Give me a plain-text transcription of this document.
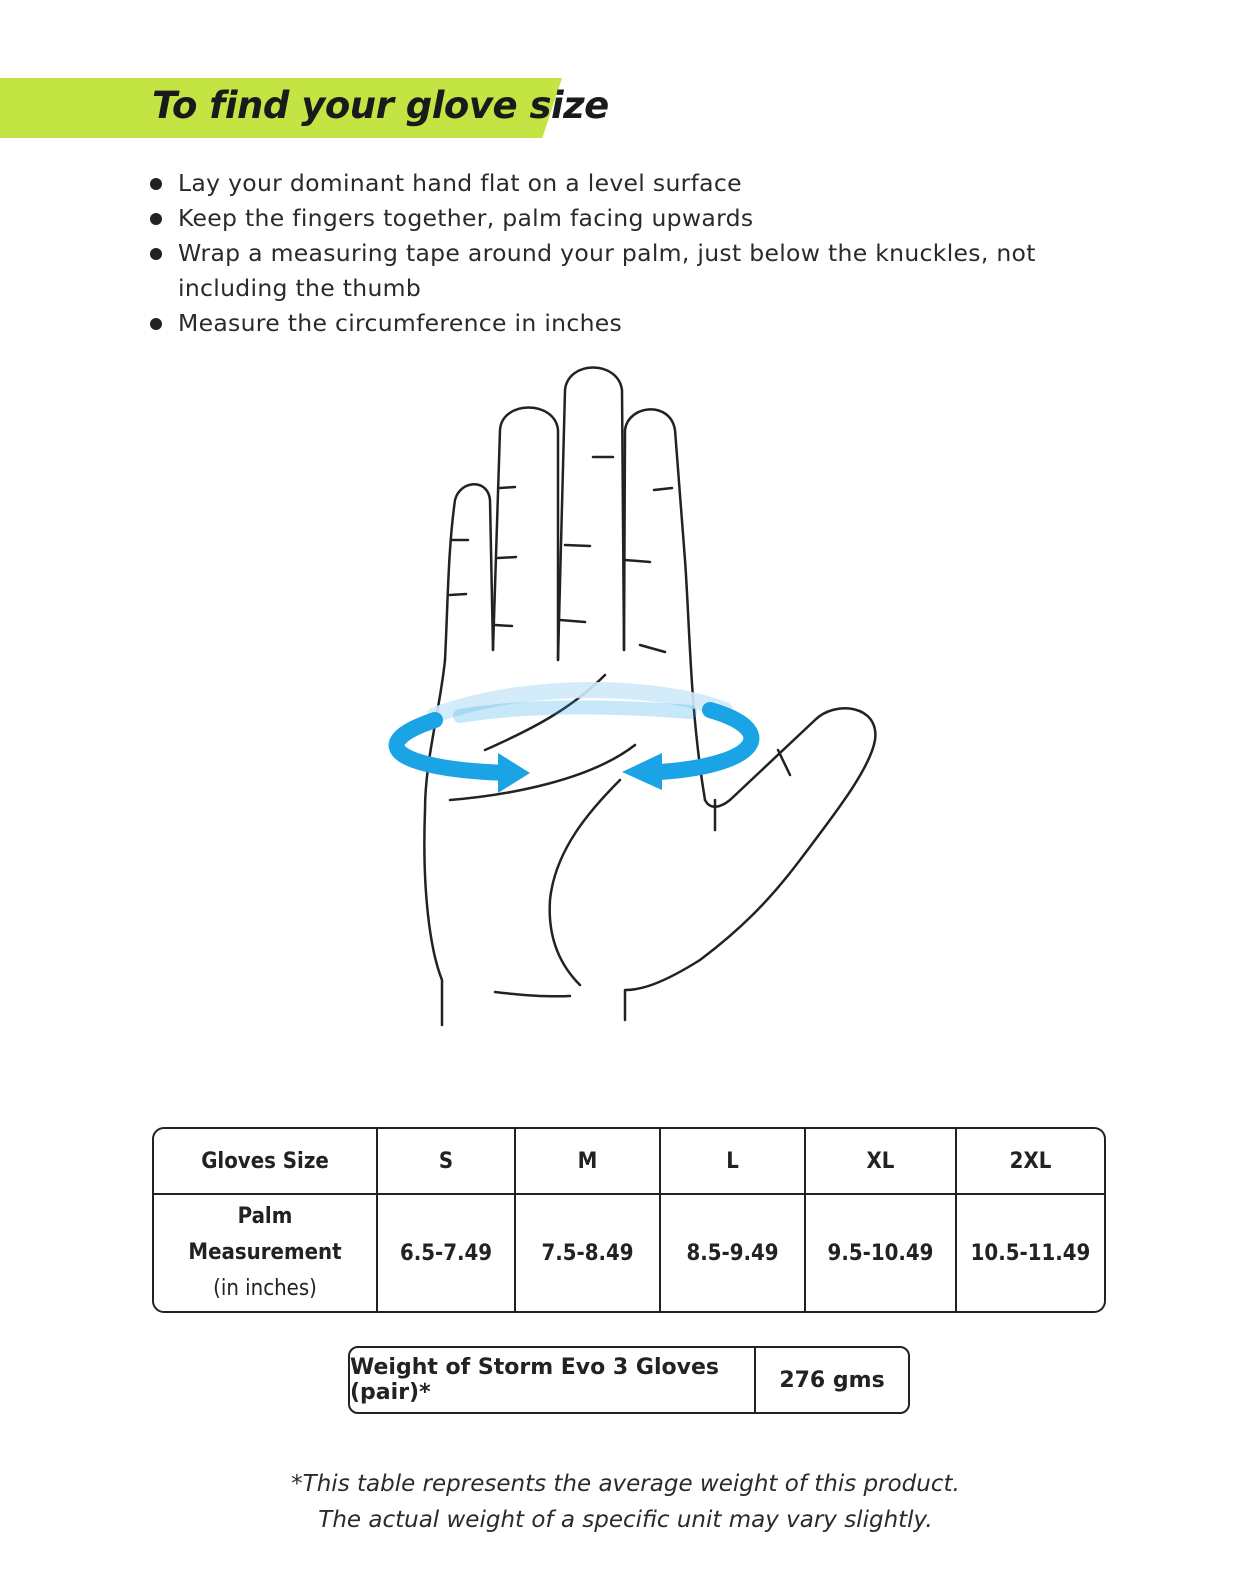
To find your glove size
Lay your dominant hand flat on a level surface
Keep the fingers together, palm facing upwards
Wrap a measuring tape around your palm, just below the knuckles, not including the thumb
Measure the circumference in inches
Gloves Size	S	M	L	XL	2XL

Palm
Measurement
(in inches)	6.5-7.49	7.5-8.49	8.5-9.49	9.5-10.49	10.5-11.49
Weight of Storm Evo 3 Gloves (pair)*	276 gms
*This table represents the average weight of this product.
The actual weight of a specific unit may vary slightly.
